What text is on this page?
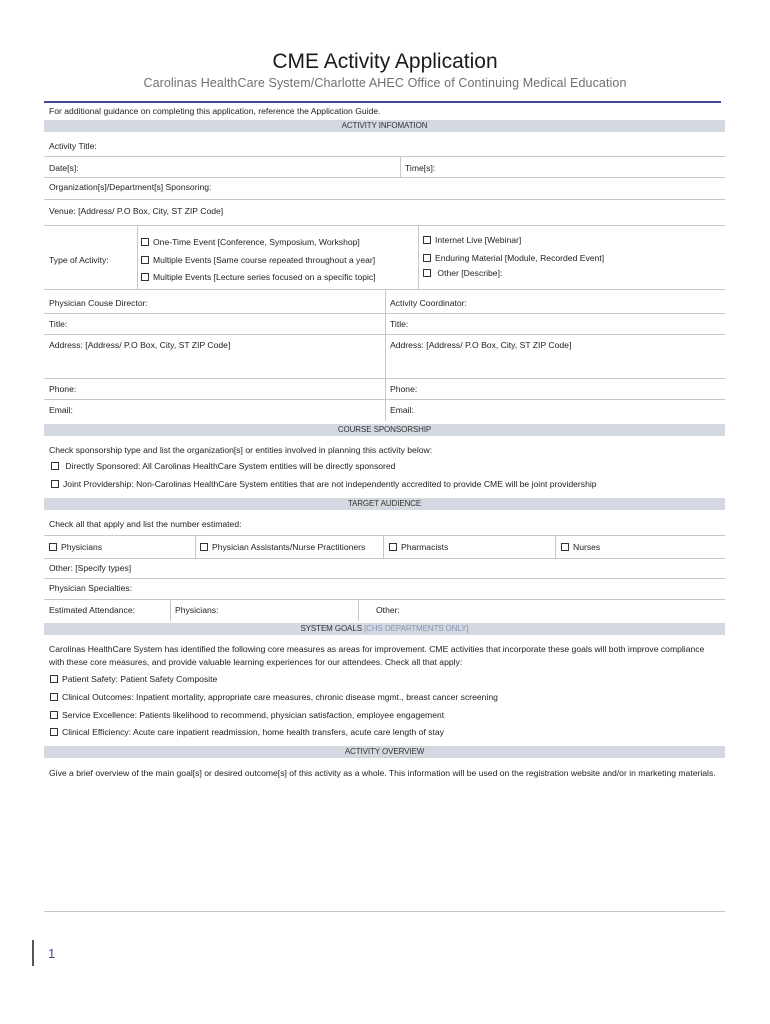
CME Activity Application
Carolinas HealthCare System/Charlotte AHEC Office of Continuing Medical Education
For additional guidance on completing this application, reference the Application Guide.
ACTIVITY INFOMATION
Activity Title:
Date[s]:	Time[s]:
Organization[s]/Department[s] Sponsoring:
Venue: [Address/ P.O Box, City, ST ZIP Code]
Type of Activity:
One-Time Event [Conference, Symposium, Workshop]
Multiple Events [Same course repeated throughout a year]
Multiple Events [Lecture series focused on a specific topic]
Internet Live [Webinar]
Enduring Material [Module, Recorded Event]
Other [Describe]:
Physician Couse Director:	Activity Coordinator:
Title:	Title:
Address: [Address/ P.O Box, City, ST ZIP Code]	Address: [Address/ P.O Box, City, ST ZIP Code]
Phone:	Phone:
Email:	Email:
COURSE SPONSORSHIP
Check sponsorship type and list the organization[s] or entities involved in planning this activity below:
Directly Sponsored: All Carolinas HealthCare System entities will be directly sponsored
Joint Providership: Non-Carolinas HealthCare System entities that are not independently accredited to provide CME will be joint providership
TARGET AUDIENCE
Check all that apply and list the number estimated:
Physicians	Physician Assistants/Nurse Practitioners	Pharmacists	Nurses
Other: [Specify types]
Physician Specialties:
Estimated Attendance:	Physicians:	Other:
SYSTEM GOALS [CHS DEPARTMENTS ONLY]
Carolinas HealthCare System has identified the following core measures as areas for improvement. CME activities that incorporate these goals will both improve compliance with these core measures, and provide valuable learning experiences for our attendees. Check all that apply:
Patient Safety: Patient Safety Composite
Clinical Outcomes: Inpatient mortality, appropriate care measures, chronic disease mgmt., breast cancer screening
Service Excellence: Patients likelihood to recommend, physician satisfaction, employee engagement
Clinical Efficiency: Acute care inpatient readmission, home health transfers, acute care length of stay
ACTIVITY OVERVIEW
Give a brief overview of the main goal[s] or desired outcome[s] of this activity as a whole. This information will be used on the registration website and/or in marketing materials.
1
